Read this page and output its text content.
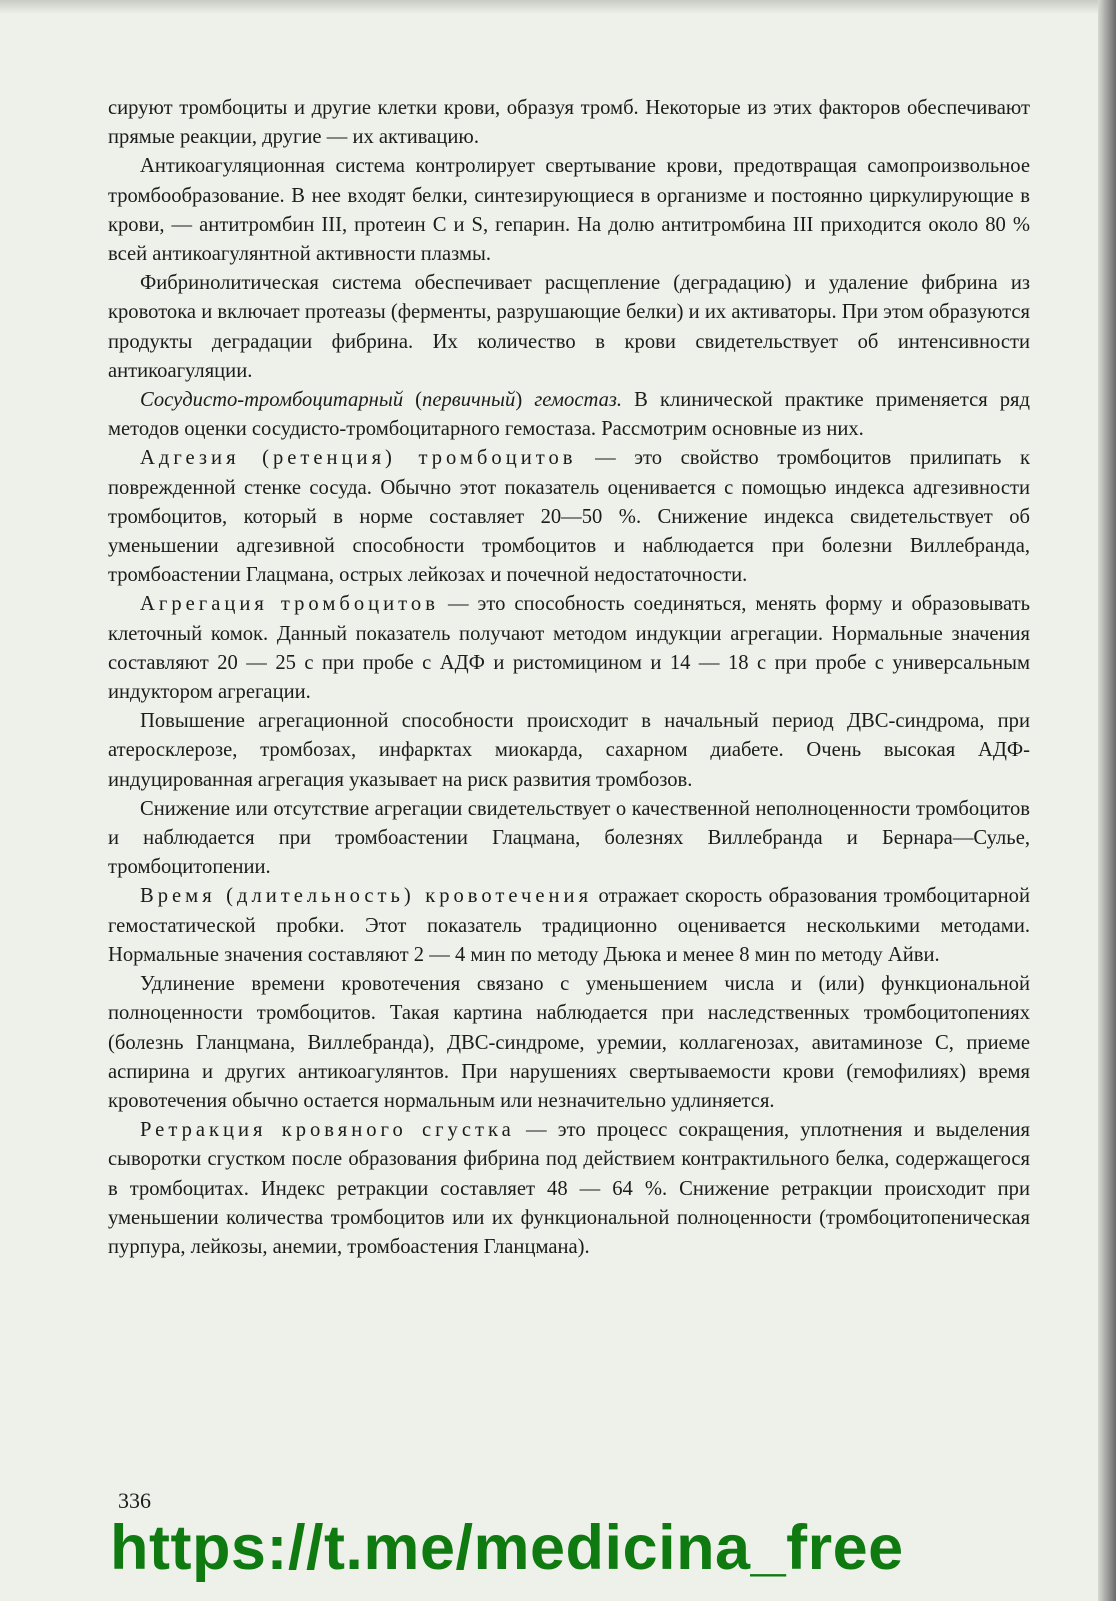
сируют тромбоциты и другие клетки крови, образуя тромб. Некоторые из этих факторов обеспечивают прямые реакции, другие — их активацию.

Антикоагуляционная система контролирует свертывание крови, предотвращая самопроизвольное тромбообразование. В нее входят белки, синтезирующиеся в организме и постоянно циркулирующие в крови, — антитромбин III, протеин С и S, гепарин. На долю антитромбина III приходится около 80 % всей антикоагулянтной активности плазмы.

Фибринолитическая система обеспечивает расщепление (деградацию) и удаление фибрина из кровотока и включает протеазы (ферменты, разрушающие белки) и их активаторы. При этом образуются продукты деградации фибрина. Их количество в крови свидетельствует об интенсивности антикоагуляции.

Сосудисто-тромбоцитарный (первичный) гемостаз. В клинической практике применяется ряд методов оценки сосудисто-тромбоцитарного гемостаза. Рассмотрим основные из них.

Адгезия (ретенция) тромбоцитов — это свойство тромбоцитов прилипать к поврежденной стенке сосуда. Обычно этот показатель оценивается с помощью индекса адгезивности тромбоцитов, который в норме составляет 20—50 %. Снижение индекса свидетельствует об уменьшении адгезивной способности тромбоцитов и наблюдается при болезни Виллебранда, тромбоастении Глацмана, острых лейкозах и почечной недостаточности.

Агрегация тромбоцитов — это способность соединяться, менять форму и образовывать клеточный комок. Данный показатель получают методом индукции агрегации. Нормальные значения составляют 20 — 25 с при пробе с АДФ и ристомицином и 14 — 18 с при пробе с универсальным индуктором агрегации.

Повышение агрегационной способности происходит в начальный период ДВС-синдрома, при атеросклерозе, тромбозах, инфарктах миокарда, сахарном диабете. Очень высокая АДФ-индуцированная агрегация указывает на риск развития тромбозов.

Снижение или отсутствие агрегации свидетельствует о качественной неполноценности тромбоцитов и наблюдается при тромбоастении Глацмана, болезнях Виллебранда и Бернара—Сулье, тромбоцитопении.

Время (длительность) кровотечения отражает скорость образования тромбоцитарной гемостатической пробки. Этот показатель традиционно оценивается несколькими методами. Нормальные значения составляют 2 — 4 мин по методу Дьюка и менее 8 мин по методу Айви.

Удлинение времени кровотечения связано с уменьшением числа и (или) функциональной полноценности тромбоцитов. Такая картина наблюдается при наследственных тромбоцитопениях (болезнь Гланцмана, Виллебранда), ДВС-синдроме, уремии, коллагенозах, авитаминозе С, приеме аспирина и других антикоагулянтов. При нарушениях свертываемости крови (гемофилиях) время кровотечения обычно остается нормальным или незначительно удлиняется.

Ретракция кровяного сгустка — это процесс сокращения, уплотнения и выделения сыворотки сгустком после образования фибрина под действием контрактильного белка, содержащегося в тромбоцитах. Индекс ретракции составляет 48 — 64 %. Снижение ретракции происходит при уменьшении количества тромбоцитов или их функциональной полноценности (тромбоцитопеническая пурпура, лейкозы, анемии, тромбоастения Гланцмана).

336
https://t.me/medicina_free
